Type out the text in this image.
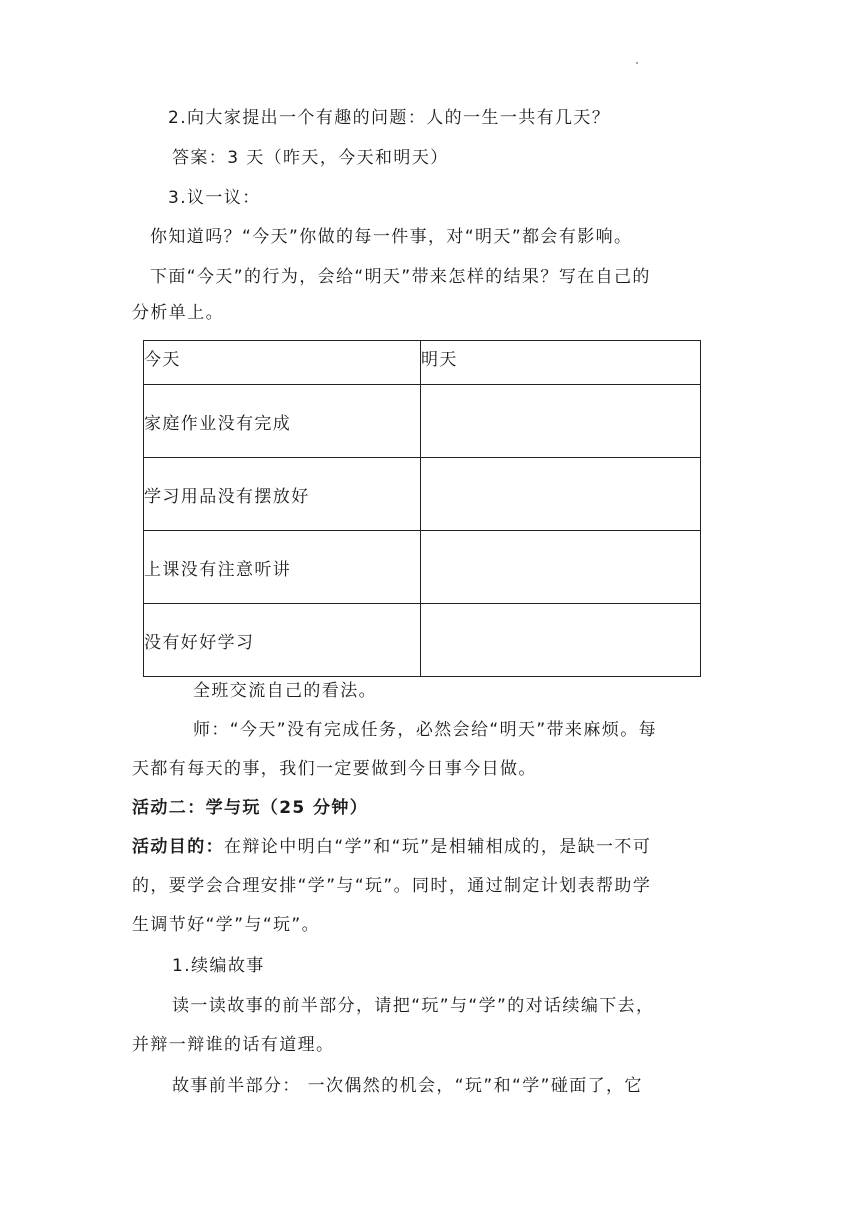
2.向大家提出一个有趣的问题：人的一生一共有几天？
答案：3 天（昨天，今天和明天）
3.议一议：
你知道吗？“今天”你做的每一件事，对“明天”都会有影响。
下面“今天”的行为，会给“明天”带来怎样的结果？写在自己的
分析单上。
今天	明天
家庭作业没有完成	
学习用品没有摆放好	
上课没有注意听讲	
没有好好学习	
全班交流自己的看法。
师：“今天”没有完成任务，必然会给“明天”带来麻烦。每
天都有每天的事，我们一定要做到今日事今日做。
活动二：学与玩（25 分钟）
活动目的：在辩论中明白“学”和“玩”是相辅相成的，是缺一不可
的，要学会合理安排“学”与“玩”。同时，通过制定计划表帮助学
生调节好“学”与“玩”。
1.续编故事
读一读故事的前半部分，请把“玩”与“学”的对话续编下去，
并辩一辩谁的话有道理。
故事前半部分： 一次偶然的机会，“玩”和“学”碰面了，它
